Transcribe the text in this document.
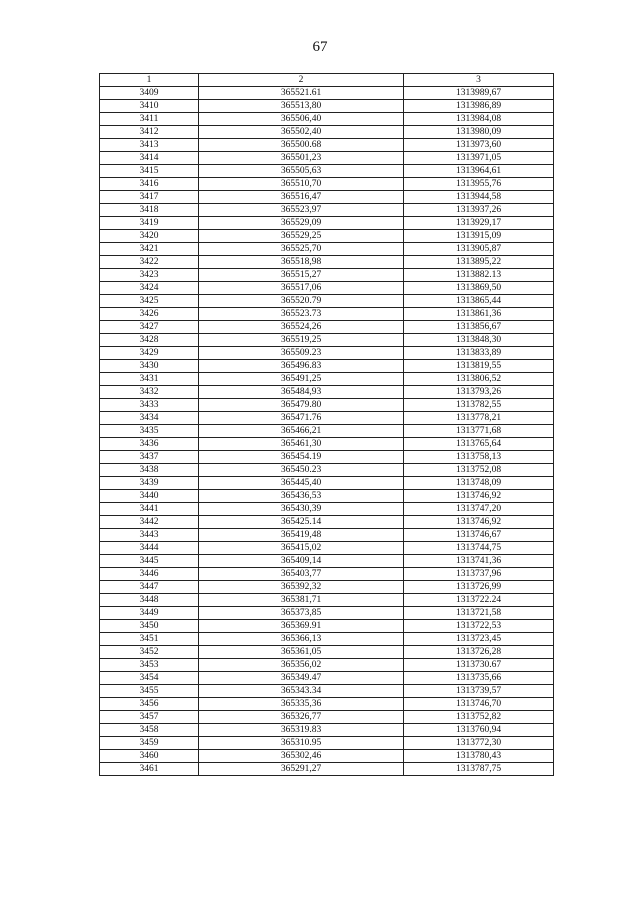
67
1	2	3
3409	365521.61	1313989,67
3410	365513,80	1313986,89
3411	365506,40	1313984,08
3412	365502,40	1313980,09
3413	365500.68	1313973,60
3414	365501,23	1313971,05
3415	365505,63	1313964,61
3416	365510,70	1313955,76
3417	365516,47	1313944,58
3418	365523,97	1313937,26
3419	365529,09	1313929,17
3420	365529,25	1313915,09
3421	365525,70	1313905,87
3422	365518,98	1313895,22
3423	365515,27	1313882.13
3424	365517,06	1313869,50
3425	365520.79	1313865,44
3426	365523.73	1313861,36
3427	365524,26	1313856,67
3428	365519,25	1313848,30
3429	365509.23	1313833,89
3430	365496.83	1313819,55
3431	365491,25	1313806,52
3432	365484,93	1313793,26
3433	365479.80	1313782,55
3434	365471.76	1313778,21
3435	365466,21	1313771,68
3436	365461,30	1313765,64
3437	365454.19	1313758,13
3438	365450.23	1313752,08
3439	365445,40	1313748,09
3440	365436,53	1313746,92
3441	365430,39	1313747,20
3442	365425.14	1313746,92
3443	365419,48	1313746,67
3444	365415,02	1313744,75
3445	365409,14	1313741,36
3446	365403,77	1313737,96
3447	365392,32	1313726,99
3448	365381,71	1313722.24
3449	365373,85	1313721,58
3450	365369.91	1313722,53
3451	365366,13	1313723,45
3452	365361,05	1313726,28
3453	365356,02	1313730.67
3454	365349.47	1313735,66
3455	365343.34	1313739,57
3456	365335,36	1313746,70
3457	365326,77	1313752,82
3458	365319.83	1313760,94
3459	365310.95	1313772,30
3460	365302,46	1313780,43
3461	365291,27	1313787,75
